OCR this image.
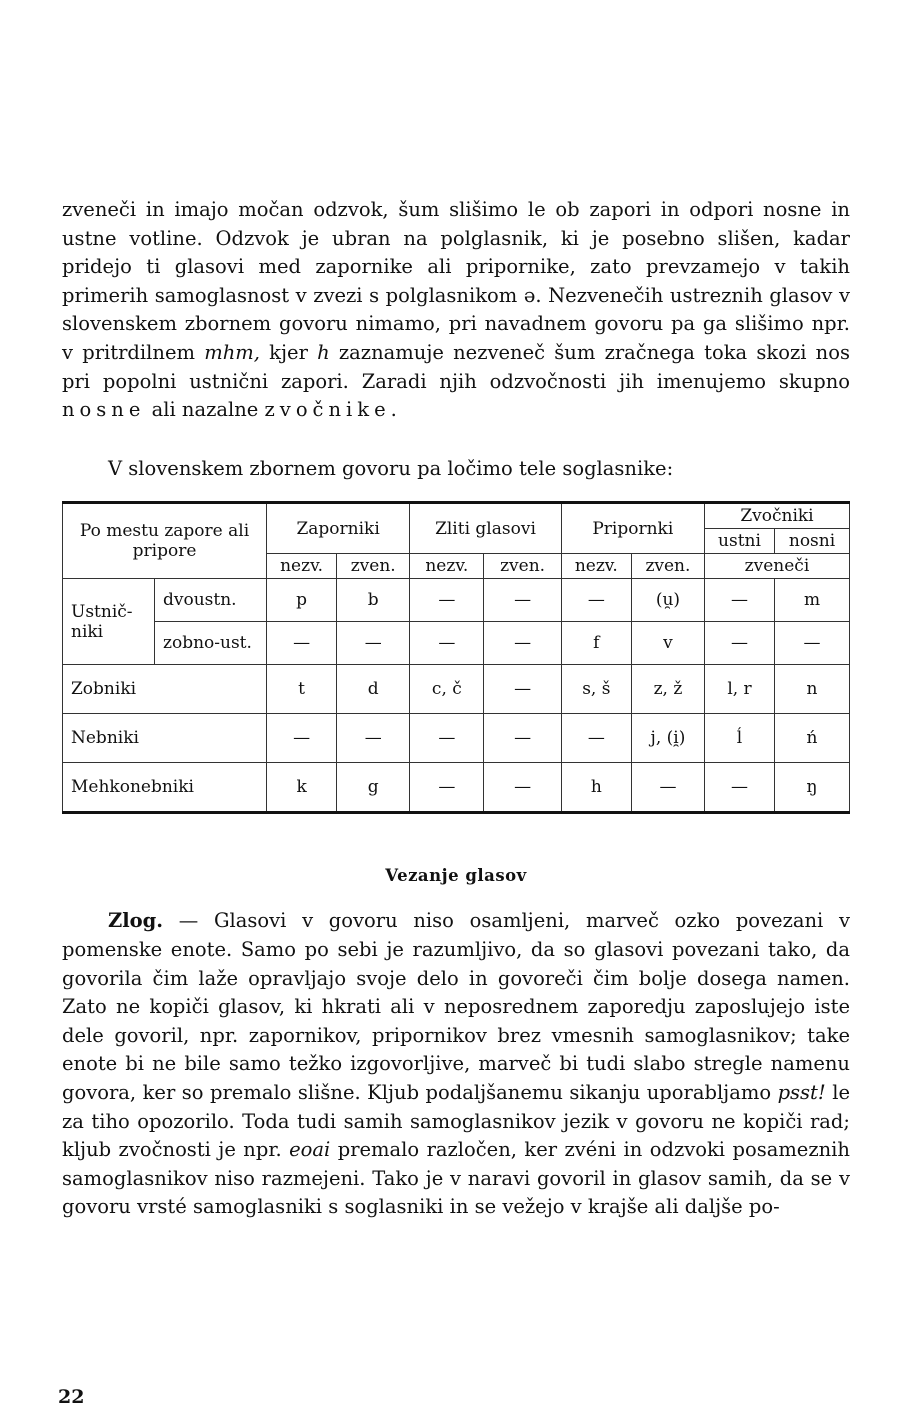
zveneči in imajo močan odzvok, šum slišimo le ob zapori in odpori nosne in ustne votline. Odzvok je ubran na polglasnik, ki je posebno slišen, kadar pridejo ti glasovi med zapornike ali pripornike, zato prevzamejo v takih primerih samoglasnost v zvezi s polglasnikom ə. Nezvenečih ustreznih glasov v slovenskem zbornem govoru nimamo, pri navadnem govoru pa ga slišimo npr. v pritrdilnem mhm, kjer h zaznamuje nezveneč šum zračnega toka skozi nos pri popolni ustnični zapori. Zaradi njih odzvočnosti jih imenujemo skupno nosne ali nazalne zvočnike.

V slovenskem zbornem govoru pa ločimo tele soglasnike:

Po mestu zapore ali pripore		Zaporniki		Zliti glasovi		Pripornki		Zvočniki	
								ustni	nosni
		nezv.	zven.	nezv.	zven.	nezv.	zven.	zveneči	
Ustnič-niki	dvoustn.	p	b	—	—	—	(u̯)	—	m
	zobno-ust.	—	—	—	—	f	v	—	—
Zobniki		t	d	c, č	—	s, š	z, ž	l, r	n
Nebniki		—	—	—	—	—	j, (i̯)	ĺ	ń
Mehkonebniki		k	g	—	—	h	—	—	ŋ
Vezanje glasov

Zlog. — Glasovi v govoru niso osamljeni, marveč ozko povezani v pomenske enote. Samo po sebi je razumljivo, da so glasovi povezani tako, da govorila čim laže opravljajo svoje delo in govoreči čim bolje dosega namen. Zato ne kopiči glasov, ki hkrati ali v neposrednem zaporedju zaposlujejo iste dele govoril, npr. zapornikov, pripornikov brez vmesnih samoglasnikov; take enote bi ne bile samo težko izgovorljive, marveč bi tudi slabo stregle namenu govora, ker so premalo slišne. Kljub podaljšanemu sikanju uporabljamo psst! le za tiho opozorilo. Toda tudi samih samoglasnikov jezik v govoru ne kopiči rad; kljub zvočnosti je npr. eoai premalo razločen, ker zvéni in odzvoki posameznih samoglasnikov niso razmejeni. Tako je v naravi govoril in glasov samih, da se v govoru vrsté samoglasniki s soglasniki in se vežejo v krajše ali daljše po-

22
